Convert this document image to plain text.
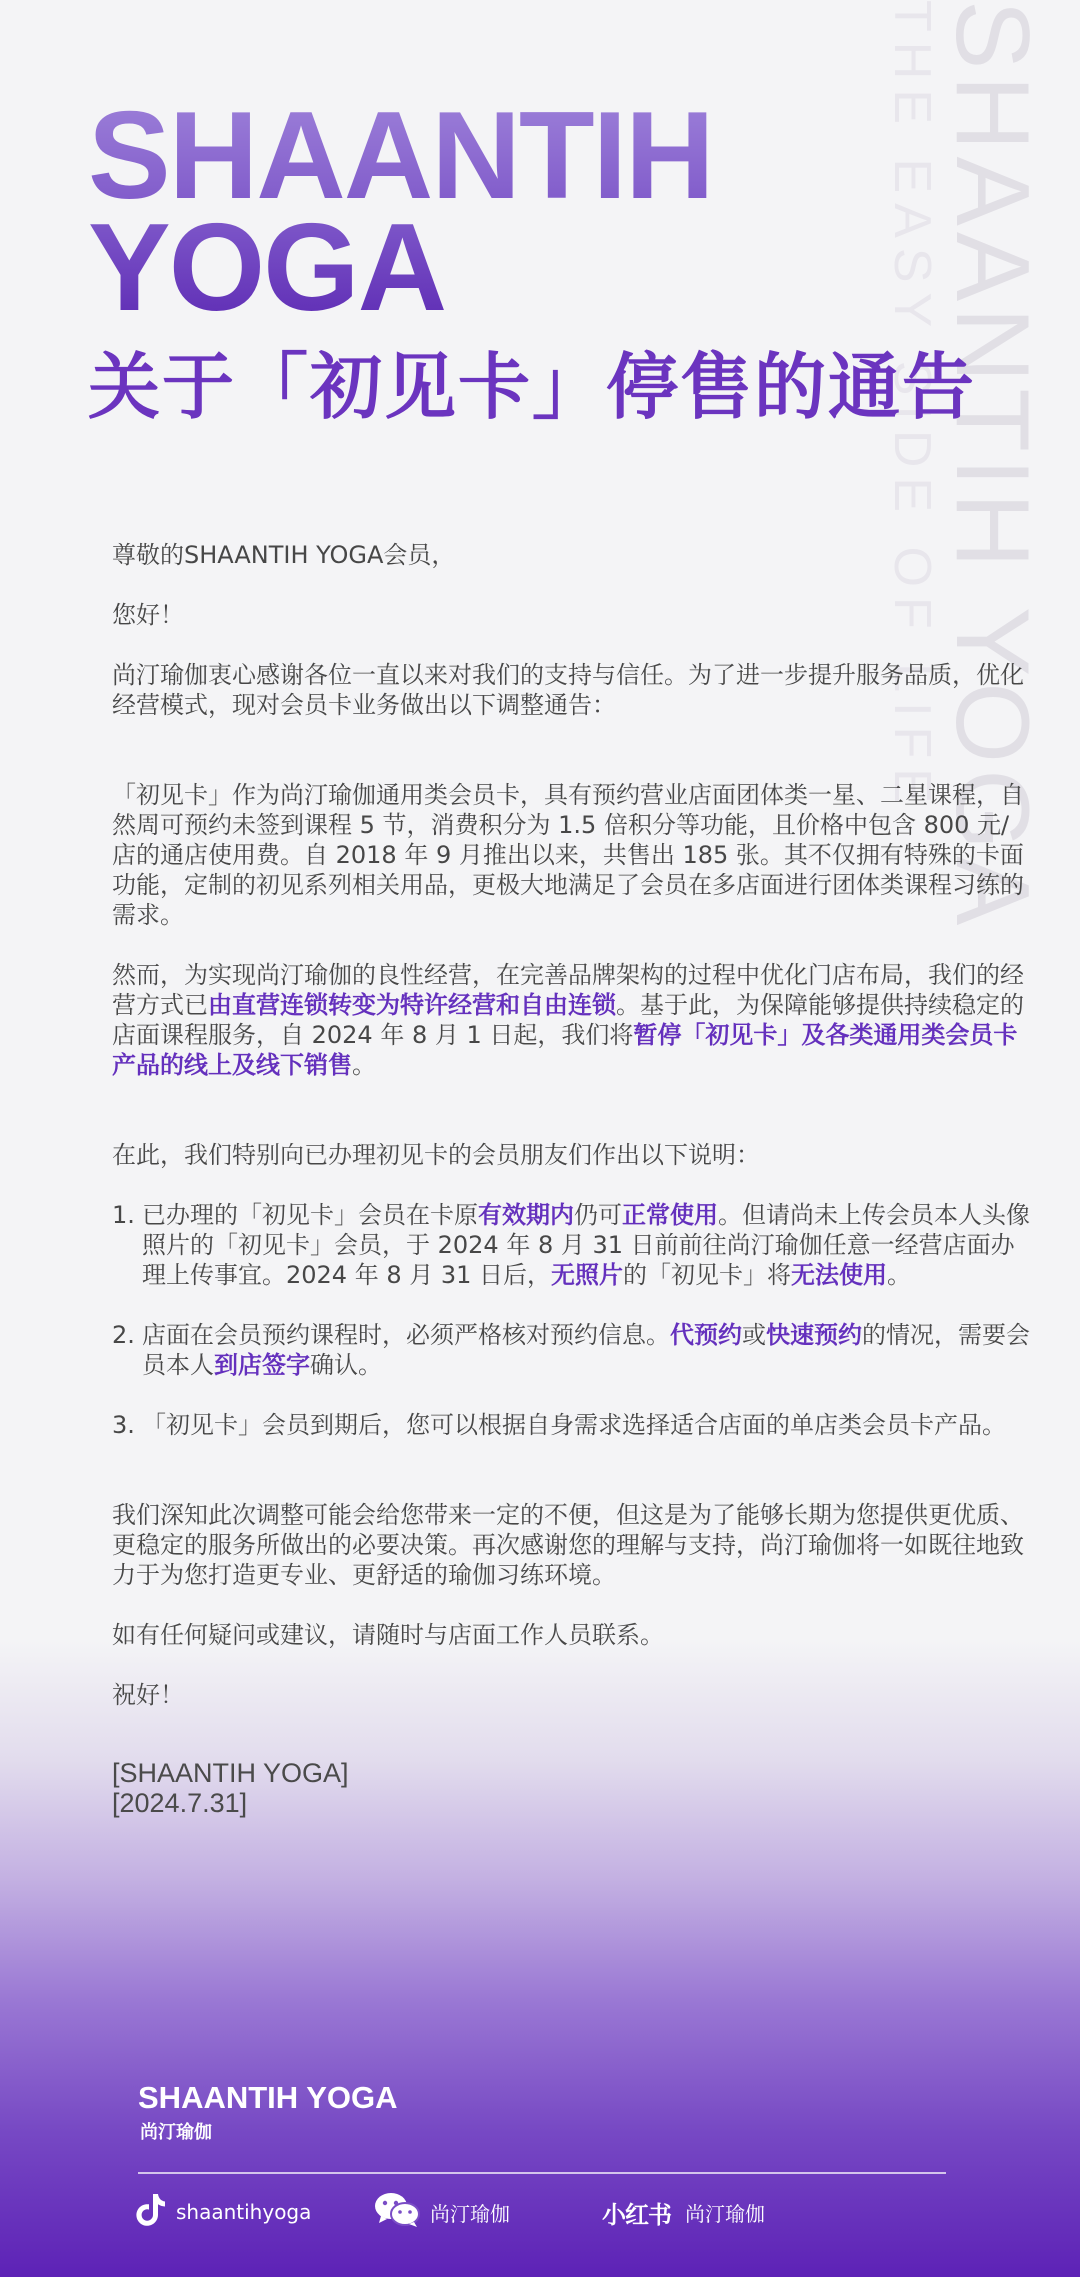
SHAANTIH YOGA
THE EASY SIDE OF LIFE
SHAANTIH
YOGA
关于「初见卡」停售的通告

尊敬的SHAANTIH YOGA会员，

您好！

尚汀瑜伽衷心感谢各位一直以来对我们的支持与信任。为了进一步提升服务品质，优化经营模式，现对会员卡业务做出以下调整通告：

「初见卡」作为尚汀瑜伽通用类会员卡，具有预约营业店面团体类一星、二星课程，自然周可预约未签到课程 5 节，消费积分为 1.5 倍积分等功能，且价格中包含 800 元/店的通店使用费。自 2018 年 9 月推出以来，共售出 185 张。其不仅拥有特殊的卡面功能，定制的初见系列相关用品，更极大地满足了会员在多店面进行团体类课程习练的需求。

然而，为实现尚汀瑜伽的良性经营，在完善品牌架构的过程中优化门店布局，我们的经营方式已由直营连锁转变为特许经营和自由连锁。基于此，为保障能够提供持续稳定的店面课程服务，自 2024 年 8 月 1 日起，我们将暂停「初见卡」及各类通用类会员卡产品的线上及线下销售。

在此，我们特别向已办理初见卡的会员朋友们作出以下说明：

1. 已办理的「初见卡」会员在卡原有效期内仍可正常使用。但请尚未上传会员本人头像照片的「初见卡」会员，于 2024 年 8 月 31 日前前往尚汀瑜伽任意一经营店面办理上传事宜。2024 年 8 月 31 日后，无照片的「初见卡」将无法使用。
2. 店面在会员预约课程时，必须严格核对预约信息。代预约或快速预约的情况，需要会员本人到店签字确认。
3. 「初见卡」会员到期后，您可以根据自身需求选择适合店面的单店类会员卡产品。

我们深知此次调整可能会给您带来一定的不便，但这是为了能够长期为您提供更优质、更稳定的服务所做出的必要决策。再次感谢您的理解与支持，尚汀瑜伽将一如既往地致力于为您打造更专业、更舒适的瑜伽习练环境。

如有任何疑问或建议，请随时与店面工作人员联系。

祝好！

[SHAANTIH YOGA]

[2024.7.31]

SHAANTIH YOGA
尚汀瑜伽
shaantihyoga	尚汀瑜伽	小红书 尚汀瑜伽
